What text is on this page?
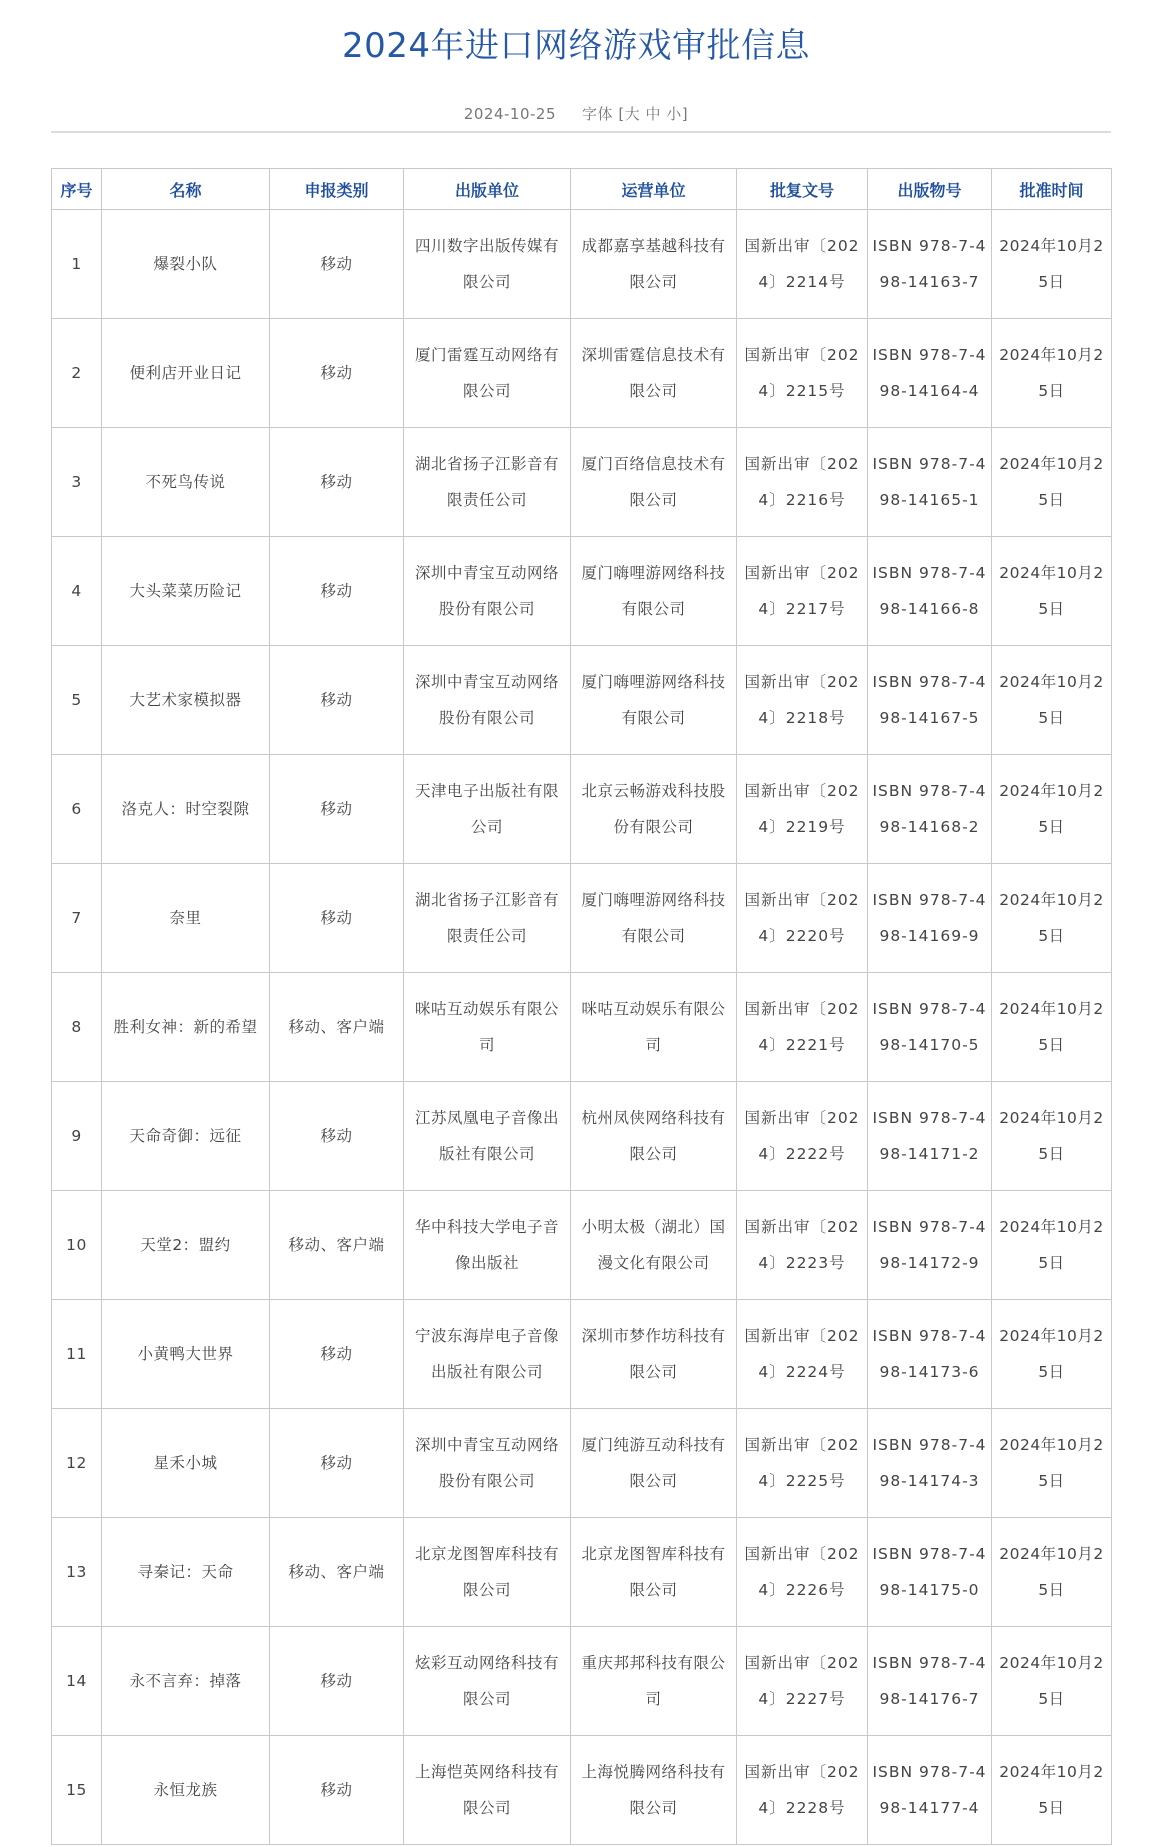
2024年进口网络游戏审批信息
2024-10-25 字体 [大 中 小]
序号	名称	申报类别	出版单位	运营单位	批复文号	出版物号	批准时间
1	爆裂小队	移动	四川数字出版传媒有限公司	成都嘉享基越科技有限公司	国新出审〔2024〕2214号	ISBN 978-7-498-14163-7	2024年10月25日
2	便利店开业日记	移动	厦门雷霆互动网络有限公司	深圳雷霆信息技术有限公司	国新出审〔2024〕2215号	ISBN 978-7-498-14164-4	2024年10月25日
3	不死鸟传说	移动	湖北省扬子江影音有限责任公司	厦门百络信息技术有限公司	国新出审〔2024〕2216号	ISBN 978-7-498-14165-1	2024年10月25日
4	大头菜菜历险记	移动	深圳中青宝互动网络股份有限公司	厦门嗨哩游网络科技有限公司	国新出审〔2024〕2217号	ISBN 978-7-498-14166-8	2024年10月25日
5	大艺术家模拟器	移动	深圳中青宝互动网络股份有限公司	厦门嗨哩游网络科技有限公司	国新出审〔2024〕2218号	ISBN 978-7-498-14167-5	2024年10月25日
6	洛克人：时空裂隙	移动	天津电子出版社有限公司	北京云畅游戏科技股份有限公司	国新出审〔2024〕2219号	ISBN 978-7-498-14168-2	2024年10月25日
7	奈里	移动	湖北省扬子江影音有限责任公司	厦门嗨哩游网络科技有限公司	国新出审〔2024〕2220号	ISBN 978-7-498-14169-9	2024年10月25日
8	胜利女神：新的希望	移动、客户端	咪咕互动娱乐有限公司	咪咕互动娱乐有限公司	国新出审〔2024〕2221号	ISBN 978-7-498-14170-5	2024年10月25日
9	天命奇御：远征	移动	江苏凤凰电子音像出版社有限公司	杭州凤侠网络科技有限公司	国新出审〔2024〕2222号	ISBN 978-7-498-14171-2	2024年10月25日
10	天堂2：盟约	移动、客户端	华中科技大学电子音像出版社	小明太极（湖北）国漫文化有限公司	国新出审〔2024〕2223号	ISBN 978-7-498-14172-9	2024年10月25日
11	小黄鸭大世界	移动	宁波东海岸电子音像出版社有限公司	深圳市梦作坊科技有限公司	国新出审〔2024〕2224号	ISBN 978-7-498-14173-6	2024年10月25日
12	星禾小城	移动	深圳中青宝互动网络股份有限公司	厦门纯游互动科技有限公司	国新出审〔2024〕2225号	ISBN 978-7-498-14174-3	2024年10月25日
13	寻秦记：天命	移动、客户端	北京龙图智库科技有限公司	北京龙图智库科技有限公司	国新出审〔2024〕2226号	ISBN 978-7-498-14175-0	2024年10月25日
14	永不言弃：掉落	移动	炫彩互动网络科技有限公司	重庆邦邦科技有限公司	国新出审〔2024〕2227号	ISBN 978-7-498-14176-7	2024年10月25日
15	永恒龙族	移动	上海恺英网络科技有限公司	上海悦腾网络科技有限公司	国新出审〔2024〕2228号	ISBN 978-7-498-14177-4	2024年10月25日
